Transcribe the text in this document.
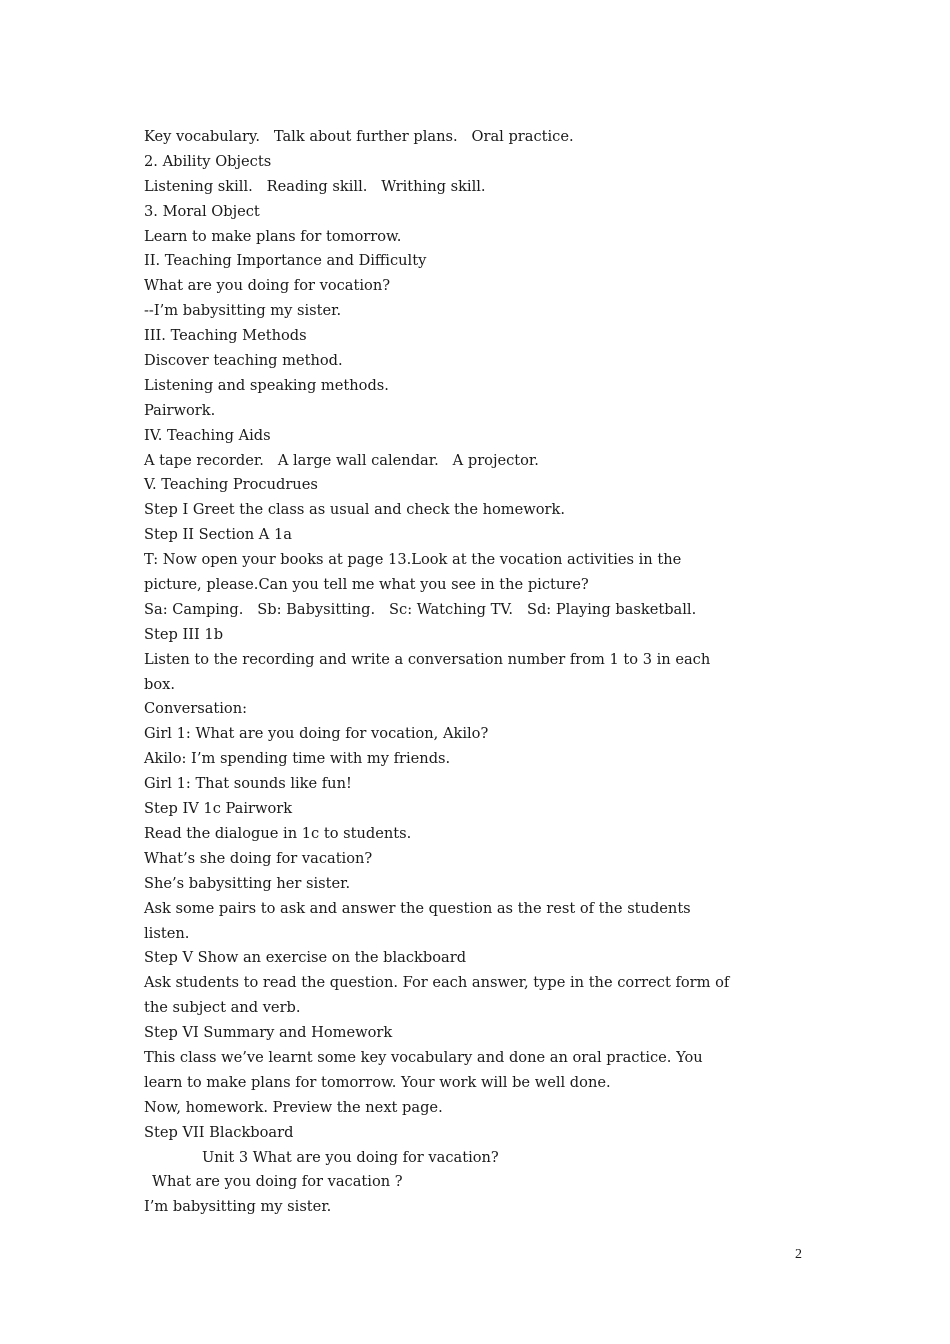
Key vocabulary.   Talk about further plans.   Oral practice.
2. Ability Objects
Listening skill.   Reading skill.   Writhing skill.
3. Moral Object
Learn to make plans for tomorrow.
II. Teaching Importance and Difficulty
What are you doing for vocation?
--I’m babysitting my sister.
III. Teaching Methods
Discover teaching method.
Listening and speaking methods.
Pairwork.
IV. Teaching Aids
A tape recorder.   A large wall calendar.   A projector.
V. Teaching Procudrues
Step I Greet the class as usual and check the homework.
Step II Section A 1a
T: Now open your books at page 13.Look at the vocation activities in the
picture, please.Can you tell me what you see in the picture?
Sa: Camping.   Sb: Babysitting.   Sc: Watching TV.   Sd: Playing basketball.
Step III 1b
Listen to the recording and write a conversation number from 1 to 3 in each
box.
Conversation:
Girl 1: What are you doing for vocation, Akilo?
Akilo: I’m spending time with my friends.
Girl 1: That sounds like fun!
Step IV 1c Pairwork
Read the dialogue in 1c to students.
What’s she doing for vacation?
She’s babysitting her sister.
Ask some pairs to ask and answer the question as the rest of the students
listen.
Step V Show an exercise on the blackboard
Ask students to read the question. For each answer, type in the correct form of
the subject and verb.
Step VI Summary and Homework
This class we’ve learnt some key vocabulary and done an oral practice. You
learn to make plans for tomorrow. Your work will be well done.
Now, homework. Preview the next page.
Step VII Blackboard
Unit 3 What are you doing for vacation?
What are you doing for vacation ?
I’m babysitting my sister.
2
